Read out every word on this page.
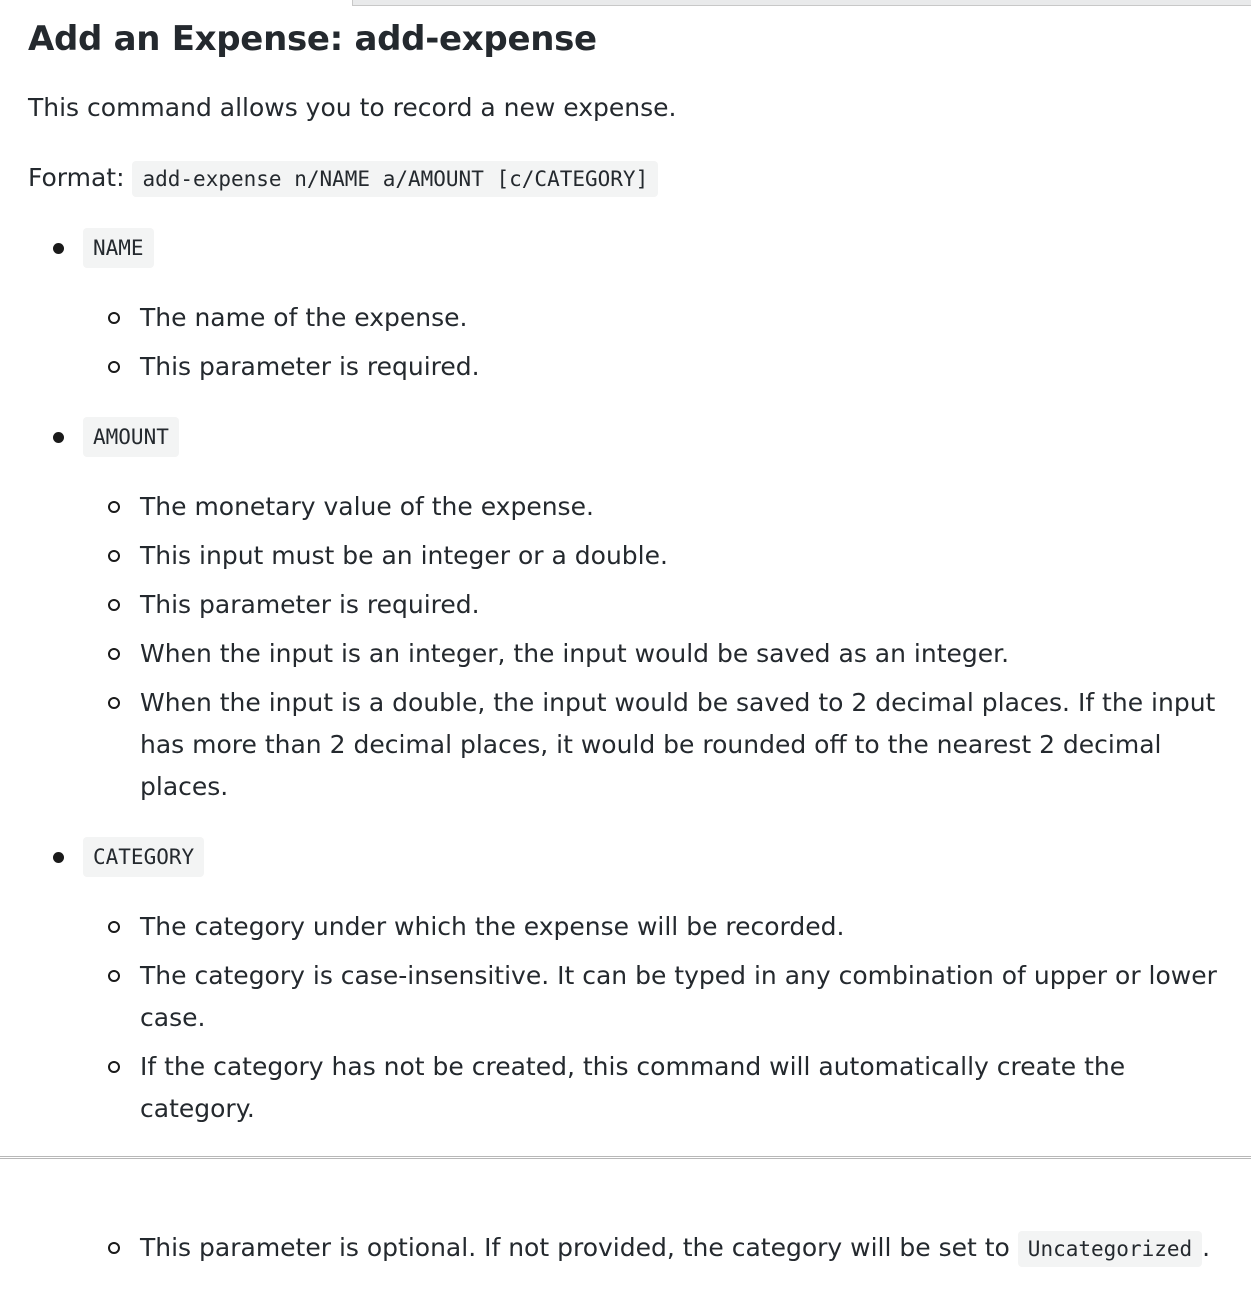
Add an Expense: add-expense

This command allows you to record a new expense.

Format: add-expense n/NAME a/AMOUNT [c/CATEGORY]

NAME
The name of the expense.
This parameter is required.
AMOUNT
The monetary value of the expense.
This input must be an integer or a double.
This parameter is required.
When the input is an integer, the input would be saved as an integer.
When the input is a double, the input would be saved to 2 decimal places. If the input has more than 2 decimal places, it would be rounded off to the nearest 2 decimal places.
CATEGORY
The category under which the expense will be recorded.
The category is case-insensitive. It can be typed in any combination of upper or lower case.
If the category has not be created, this command will automatically create the category.
This parameter is optional. If not provided, the category will be set to Uncategorized .
